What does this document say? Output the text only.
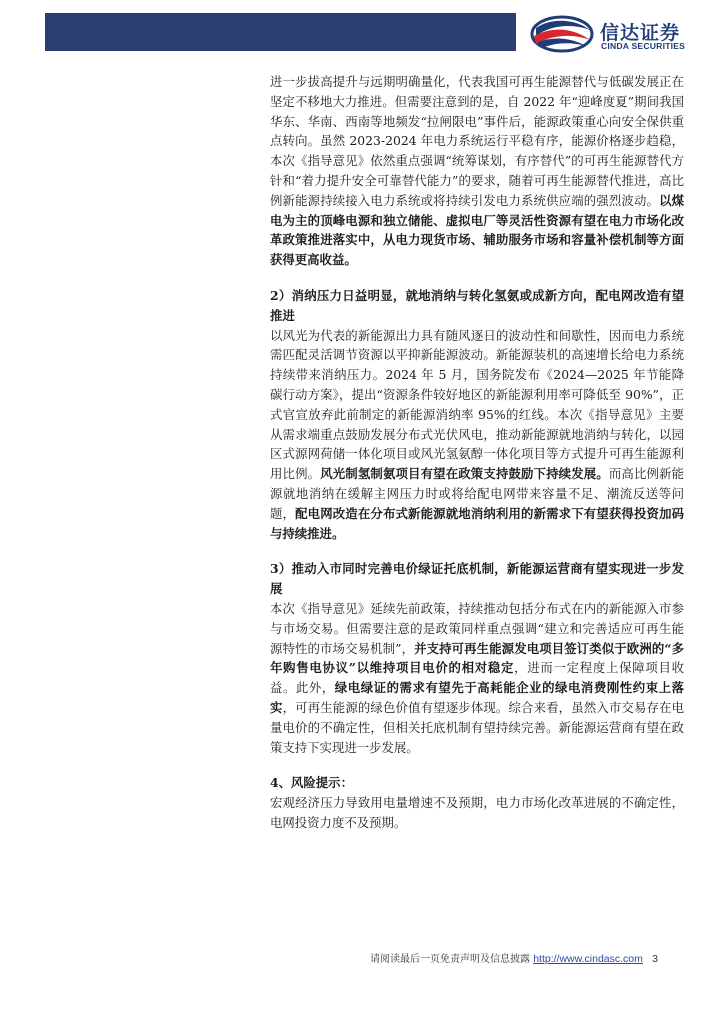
信达证券
CINDA SECURITIES

进一步拔高提升与远期明确量化，代表我国可再生能源替代与低碳发展正在坚定不移地大力推进。但需要注意到的是，自 2022 年“迎峰度夏”期间我国华东、华南、西南等地频发“拉闸限电”事件后，能源政策重心向安全保供重点转向。虽然 2023-2024 年电力系统运行平稳有序，能源价格逐步趋稳，本次《指导意见》依然重点强调“统筹谋划，有序替代”的可再生能源替代方针和“着力提升安全可靠替代能力”的要求，随着可再生能源替代推进，高比例新能源持续接入电力系统或将持续引发电力系统供应端的强烈波动。以煤电为主的顶峰电源和独立储能、虚拟电厂等灵活性资源有望在电力市场化改革政策推进落实中，从电力现货市场、辅助服务市场和容量补偿机制等方面获得更高收益。

2）消纳压力日益明显，就地消纳与转化氢氨或成新方向，配电网改造有望推进

以风光为代表的新能源出力具有随风逐日的波动性和间歇性，因而电力系统需匹配灵活调节资源以平抑新能源波动。新能源装机的高速增长给电力系统持续带来消纳压力。2024 年 5 月，国务院发布《2024—2025 年节能降碳行动方案》，提出“资源条件较好地区的新能源利用率可降低至 90%”，正式官宣放弃此前制定的新能源消纳率 95%的红线。本次《指导意见》主要从需求端重点鼓励发展分布式光伏风电，推动新能源就地消纳与转化，以园区式源网荷储一体化项目或风光氢氨醇一体化项目等方式提升可再生能源利用比例。风光制氢制氨项目有望在政策支持鼓励下持续发展。而高比例新能源就地消纳在缓解主网压力时或将给配电网带来容量不足、潮流反送等问题，配电网改造在分布式新能源就地消纳利用的新需求下有望获得投资加码与持续推进。

3）推动入市同时完善电价绿证托底机制，新能源运营商有望实现进一步发展

本次《指导意见》延续先前政策，持续推动包括分布式在内的新能源入市参与市场交易。但需要注意的是政策同样重点强调“建立和完善适应可再生能源特性的市场交易机制”，并支持可再生能源发电项目签订类似于欧洲的“多年购售电协议”以维持项目电价的相对稳定，进而一定程度上保障项目收益。此外，绿电绿证的需求有望先于高耗能企业的绿电消费刚性约束上落实，可再生能源的绿色价值有望逐步体现。综合来看，虽然入市交易存在电量电价的不确定性，但相关托底机制有望持续完善。新能源运营商有望在政策支持下实现进一步发展。

4、风险提示：

宏观经济压力导致用电量增速不及预期，电力市场化改革进展的不确定性，电网投资力度不及预期。

请阅读最后一页免责声明及信息披露 http://www.cindasc.com 3
